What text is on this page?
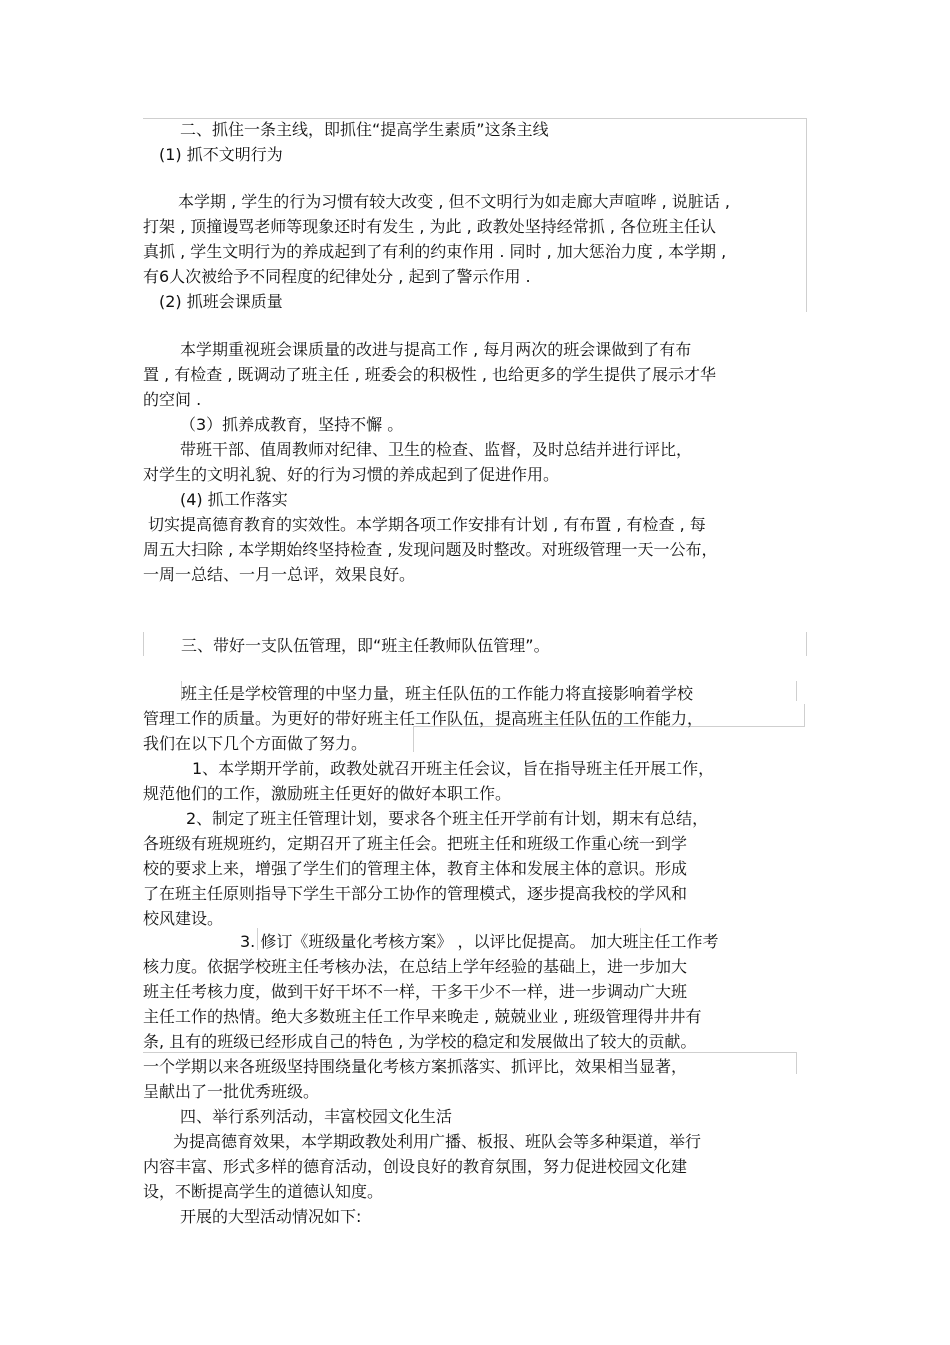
二、抓住一条主线，即抓住“提高学生素质”这条主线
(1) 抓不文明行为
本学期 , 学生的行为习惯有较大改变 , 但不文明行为如走廊大声喧哗 , 说脏话 ,
打架 , 顶撞谩骂老师等现象还时有发生 , 为此 , 政教处坚持经常抓 , 各位班主任认
真抓 , 学生文明行为的养成起到了有利的约束作用 . 同时 , 加大惩治力度 , 本学期 ,
有6人次被给予不同程度的纪律处分 , 起到了警示作用 .
(2) 抓班会课质量
本学期重视班会课质量的改进与提高工作 , 每月两次的班会课做到了有布
置 , 有检查 , 既调动了班主任 , 班委会的积极性 , 也给更多的学生提供了展示才华
的空间 .
（3）抓养成教育，坚持不懈 。
带班干部、值周教师对纪律、卫生的检查、监督，及时总结并进行评比，
对学生的文明礼貌、好的行为习惯的养成起到了促进作用。
(4) 抓工作落实
切实提高德育教育的实效性。本学期各项工作安排有计划 , 有布置 , 有检查 , 每
周五大扫除 , 本学期始终坚持检查 , 发现问题及时整改。对班级管理一天一公布，
一周一总结、一月一总评，效果良好。
三、带好一支队伍管理，即“班主任教师队伍管理”。
班主任是学校管理的中坚力量，班主任队伍的工作能力将直接影响着学校
管理工作的质量。为更好的带好班主任工作队伍，提高班主任队伍的工作能力，
我们在以下几个方面做了努力。
1、本学期开学前，政教处就召开班主任会议，旨在指导班主任开展工作，
规范他们的工作，激励班主任更好的做好本职工作。
2、制定了班主任管理计划，要求各个班主任开学前有计划，期末有总结，
各班级有班规班约，定期召开了班主任会。把班主任和班级工作重心统一到学
校的要求上来，增强了学生们的管理主体，教育主体和发展主体的意识。形成
了在班主任原则指导下学生干部分工协作的管理模式，逐步提高我校的学风和
校风建设。
3. 修订《班级量化考核方案》 ，以评比促提高。 加大班主任工作考
核力度。依据学校班主任考核办法，在总结上学年经验的基础上，进一步加大
班主任考核力度，做到干好干坏不一样，干多干少不一样，进一步调动广大班
主任工作的热情。绝大多数班主任工作早来晚走 , 兢兢业业 , 班级管理得井井有
条, 且有的班级已经形成自己的特色 , 为学校的稳定和发展做出了较大的贡献。
一个学期以来各班级坚持围绕量化考核方案抓落实、抓评比，效果相当显著，
呈献出了一批优秀班级。
四、举行系列活动，丰富校园文化生活
为提高德育效果，本学期政教处利用广播、板报、班队会等多种渠道，举行
内容丰富、形式多样的德育活动，创设良好的教育氛围，努力促进校园文化建
设，不断提高学生的道德认知度。
开展的大型活动情况如下:
